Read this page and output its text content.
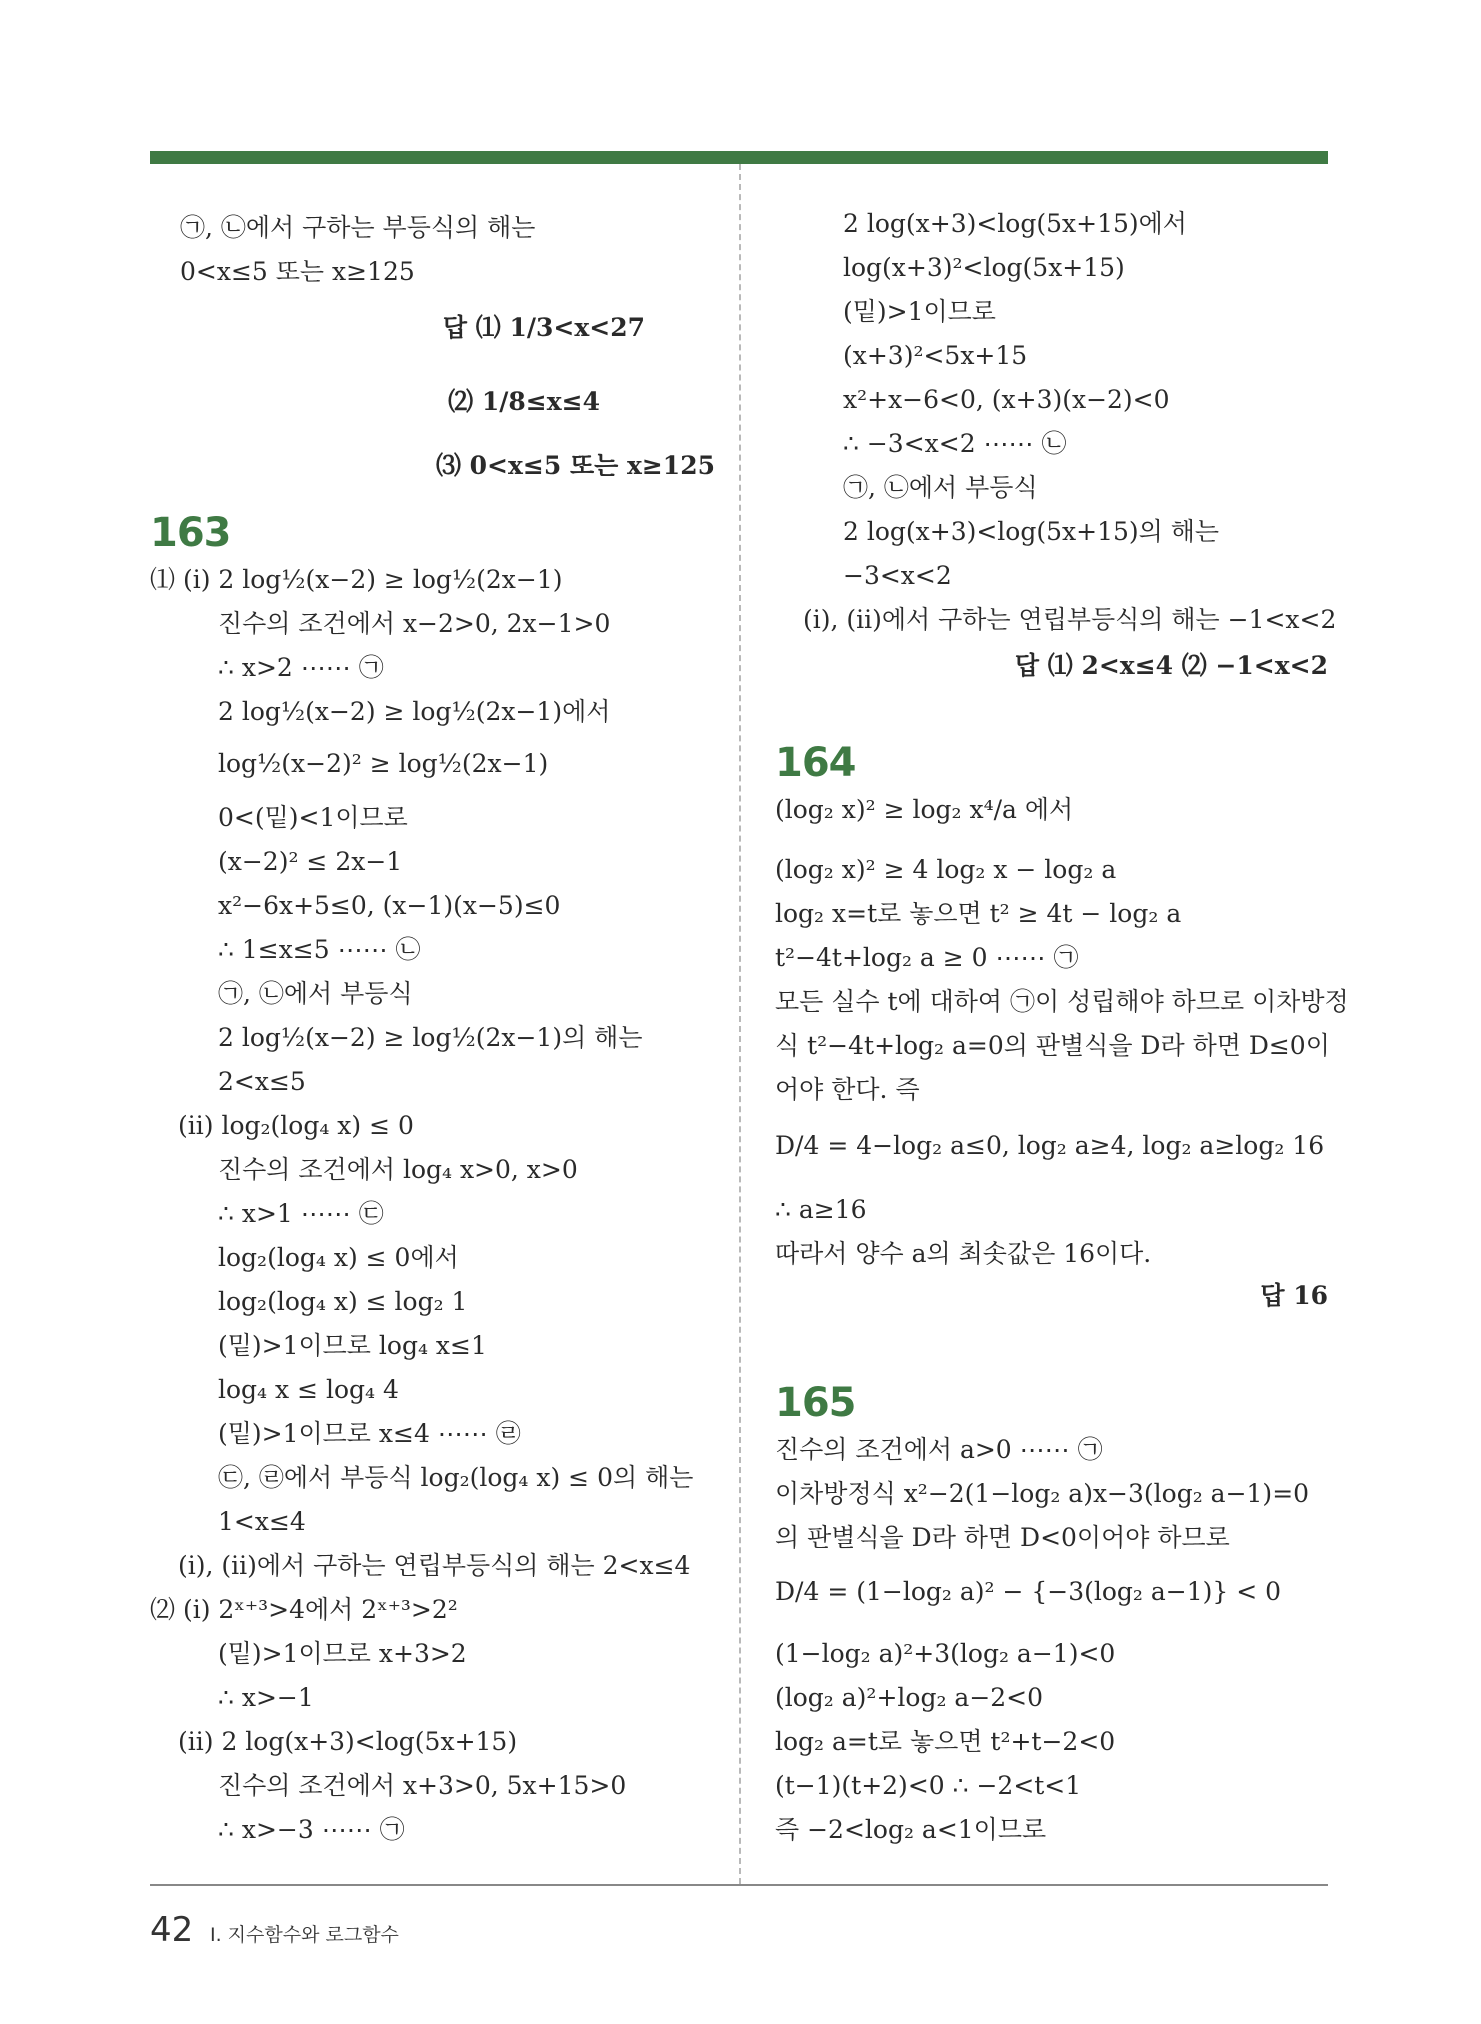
㉠, ㉡에서 구하는 부등식의 해는
0<x≤5 또는 x≥125
답 ⑴ 1/3<x<27
⑵ 1/8≤x≤4
⑶ 0<x≤5 또는 x≥125
163
⑴ (ⅰ) 2 log½(x−2) ≥ log½(2x−1)
진수의 조건에서 x−2>0, 2x−1>0
∴ x>2 ⋯⋯ ㉠
2 log½(x−2) ≥ log½(2x−1)에서
log½(x−2)² ≥ log½(2x−1)
0<(밑)<1이므로
(x−2)² ≤ 2x−1
x²−6x+5≤0, (x−1)(x−5)≤0
∴ 1≤x≤5 ⋯⋯ ㉡
㉠, ㉡에서 부등식
2 log½(x−2) ≥ log½(2x−1)의 해는
2<x≤5
(ⅱ) log₂(log₄ x) ≤ 0
진수의 조건에서 log₄ x>0, x>0
∴ x>1 ⋯⋯ ㉢
log₂(log₄ x) ≤ 0에서
log₂(log₄ x) ≤ log₂ 1
(밑)>1이므로 log₄ x≤1
log₄ x ≤ log₄ 4
(밑)>1이므로 x≤4 ⋯⋯ ㉣
㉢, ㉣에서 부등식 log₂(log₄ x) ≤ 0의 해는
1<x≤4
(ⅰ), (ⅱ)에서 구하는 연립부등식의 해는 2<x≤4
⑵ (ⅰ) 2ˣ⁺³>4에서 2ˣ⁺³>2²
(밑)>1이므로 x+3>2
∴ x>−1
(ⅱ) 2 log(x+3)<log(5x+15)
진수의 조건에서 x+3>0, 5x+15>0
∴ x>−3 ⋯⋯ ㉠
2 log(x+3)<log(5x+15)에서
log(x+3)²<log(5x+15)
(밑)>1이므로
(x+3)²<5x+15
x²+x−6<0, (x+3)(x−2)<0
∴ −3<x<2 ⋯⋯ ㉡
㉠, ㉡에서 부등식
2 log(x+3)<log(5x+15)의 해는
−3<x<2
(ⅰ), (ⅱ)에서 구하는 연립부등식의 해는 −1<x<2
답 ⑴ 2<x≤4 ⑵ −1<x<2
164
(log₂ x)² ≥ log₂ x⁴/a 에서
(log₂ x)² ≥ 4 log₂ x − log₂ a
log₂ x=t로 놓으면 t² ≥ 4t − log₂ a
t²−4t+log₂ a ≥ 0 ⋯⋯ ㉠
모든 실수 t에 대하여 ㉠이 성립해야 하므로 이차방정
식 t²−4t+log₂ a=0의 판별식을 D라 하면 D≤0이
어야 한다. 즉
D/4 = 4−log₂ a≤0, log₂ a≥4, log₂ a≥log₂ 16
∴ a≥16
따라서 양수 a의 최솟값은 16이다.
답 16
165
진수의 조건에서 a>0 ⋯⋯ ㉠
이차방정식 x²−2(1−log₂ a)x−3(log₂ a−1)=0
의 판별식을 D라 하면 D<0이어야 하므로
D/4 = (1−log₂ a)² − {−3(log₂ a−1)} < 0
(1−log₂ a)²+3(log₂ a−1)<0
(log₂ a)²+log₂ a−2<0
log₂ a=t로 놓으면 t²+t−2<0
(t−1)(t+2)<0 ∴ −2<t<1
즉 −2<log₂ a<1이므로
42 Ⅰ. 지수함수와 로그함수
